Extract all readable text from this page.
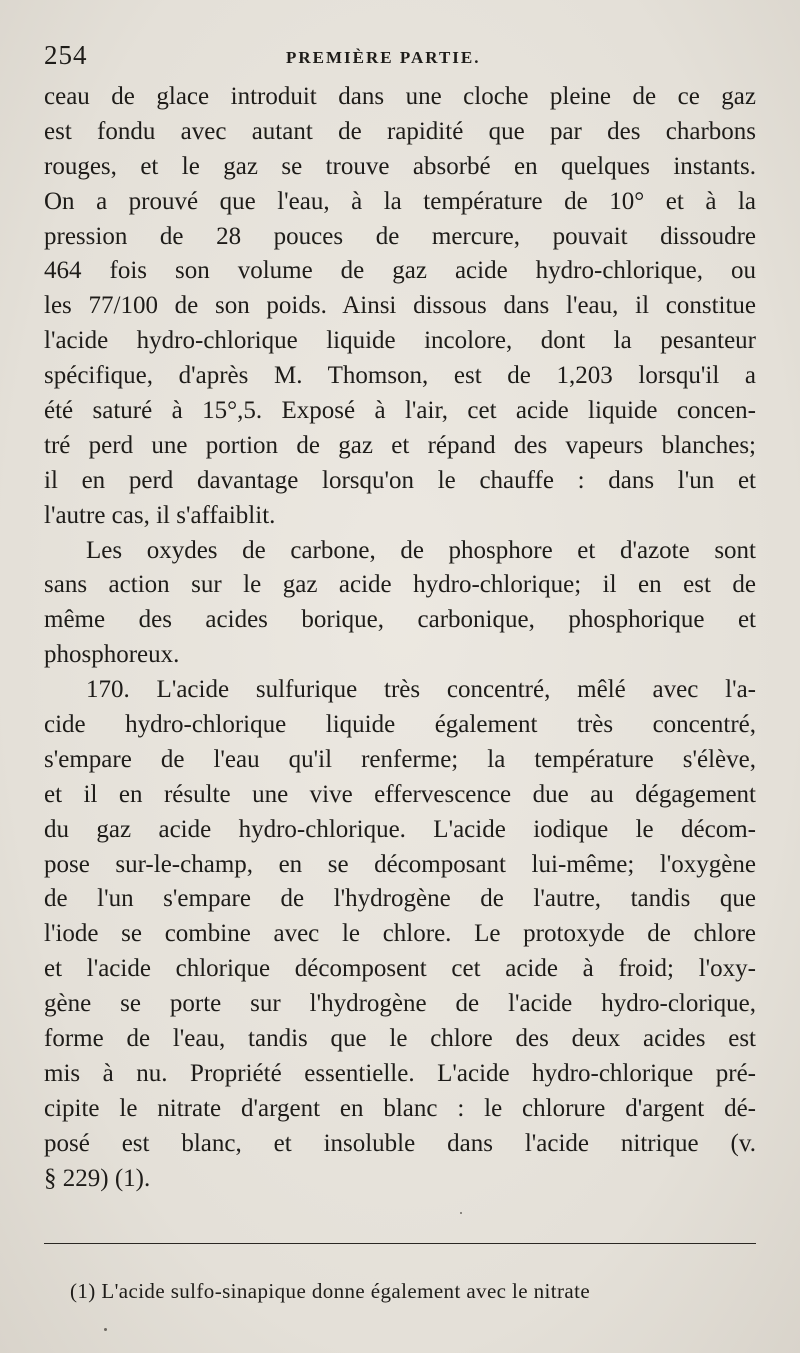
254	PREMIÈRE PARTIE.
ceau de glace introduit dans une cloche pleine de ce gaz
est fondu avec autant de rapidité que par des charbons
rouges, et le gaz se trouve absorbé en quelques instants.
On a prouvé que l'eau, à la température de 10° et à la
pression de 28 pouces de mercure, pouvait dissoudre
464 fois son volume de gaz acide hydro-chlorique, ou
les 77/100 de son poids. Ainsi dissous dans l'eau, il constitue
l'acide hydro-chlorique liquide incolore, dont la pesanteur
spécifique, d'après M. Thomson, est de 1,203 lorsqu'il a
été saturé à 15°,5. Exposé à l'air, cet acide liquide concen-
tré perd une portion de gaz et répand des vapeurs blanches;
il en perd davantage lorsqu'on le chauffe : dans l'un et
l'autre cas, il s'affaiblit.
Les oxydes de carbone, de phosphore et d'azote sont
sans action sur le gaz acide hydro-chlorique; il en est de
même des acides borique, carbonique, phosphorique et
phosphoreux.
170. L'acide sulfurique très concentré, mêlé avec l'a-
cide hydro-chlorique liquide également très concentré,
s'empare de l'eau qu'il renferme; la température s'élève,
et il en résulte une vive effervescence due au dégagement
du gaz acide hydro-chlorique. L'acide iodique le décom-
pose sur-le-champ, en se décomposant lui-même; l'oxygène
de l'un s'empare de l'hydrogène de l'autre, tandis que
l'iode se combine avec le chlore. Le protoxyde de chlore
et l'acide chlorique décomposent cet acide à froid; l'oxy-
gène se porte sur l'hydrogène de l'acide hydro-clorique,
forme de l'eau, tandis que le chlore des deux acides est
mis à nu. Propriété essentielle. L'acide hydro-chlorique pré-
cipite le nitrate d'argent en blanc : le chlorure d'argent dé-
posé est blanc, et insoluble dans l'acide nitrique (v.
§ 229) (1).
(1) L'acide sulfo-sinapique donne également avec le nitrate
